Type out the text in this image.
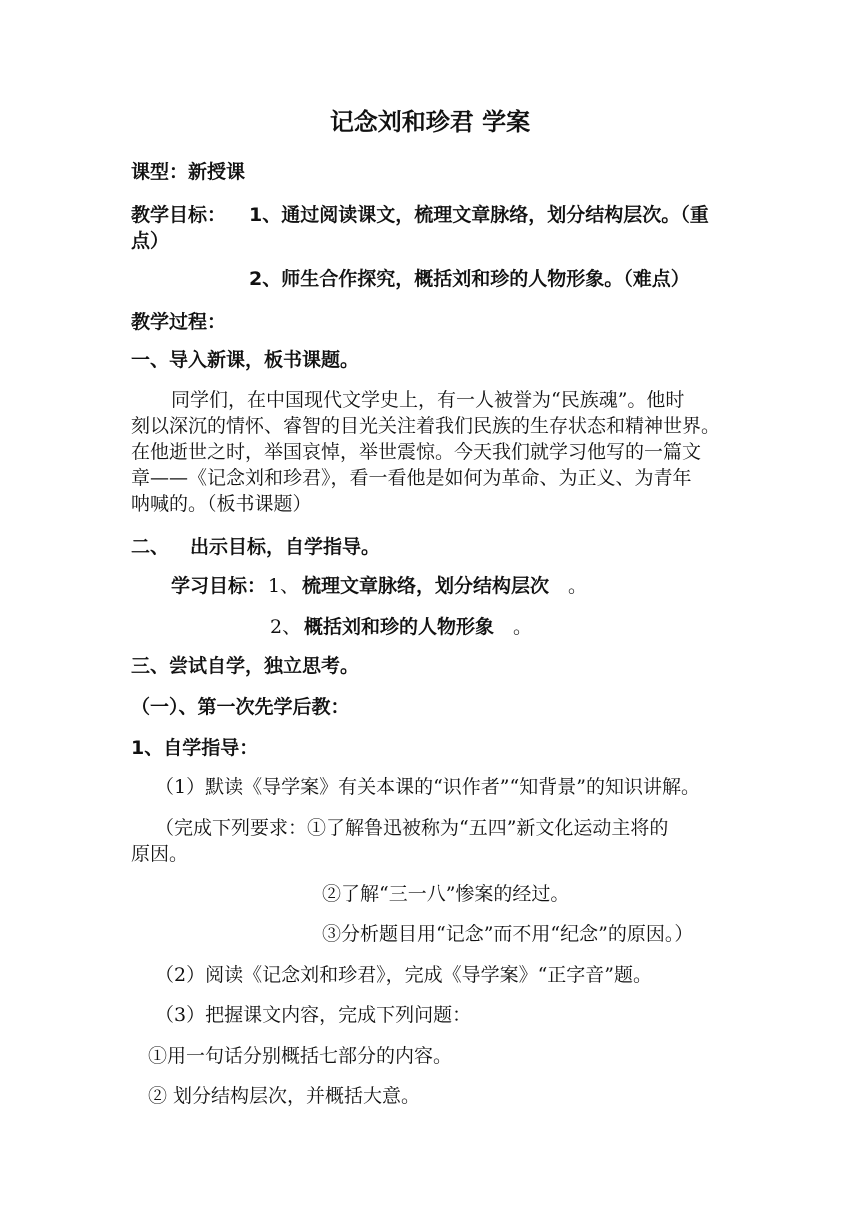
记念刘和珍君 学案
课型：新授课
教学目标： 1、通过阅读课文，梳理文章脉络，划分结构层次。（重
点）
2、师生合作探究，概括刘和珍的人物形象。（难点）
教学过程：
一、导入新课，板书课题。
同学们，在中国现代文学史上，有一人被誉为“民族魂”。他时
刻以深沉的情怀、睿智的目光关注着我们民族的生存状态和精神世界。
在他逝世之时，举国哀悼，举世震惊。今天我们就学习他写的一篇文
章——《记念刘和珍君》，看一看他是如何为革命、为正义、为青年
呐喊的。（板书课题）
二、 出示目标，自学指导。
学习目标： 1、 梳理文章脉络，划分结构层次 。
2、 概括刘和珍的人物形象 。
三、尝试自学，独立思考。
（一）、第一次先学后教：
1、自学指导：
（1）默读《导学案》有关本课的“识作者”“知背景”的知识讲解。
（完成下列要求：①了解鲁迅被称为“五四”新文化运动主将的
原因。
②了解“三一八”惨案的经过。
③分析题目用“记念”而不用“纪念”的原因。）
（2）阅读《记念刘和珍君》，完成《导学案》“正字音”题。
（3）把握课文内容，完成下列问题：
①用一句话分别概括七部分的内容。
② 划分结构层次，并概括大意。
